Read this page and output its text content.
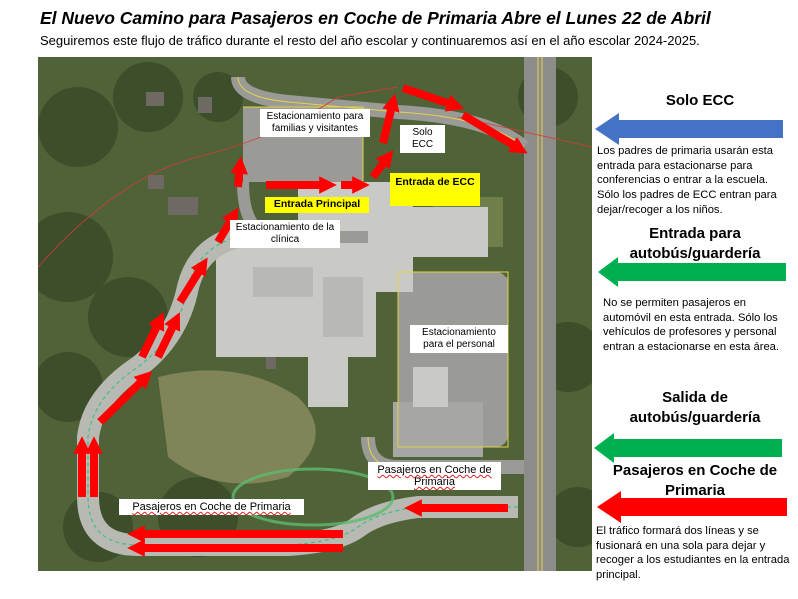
El Nuevo Camino para Pasajeros en Coche de Primaria Abre el Lunes 22 de Abril
Seguiremos este flujo de tráfico durante el resto del año escolar y continuaremos así en el año escolar 2024-2025.
Estacionamiento para familias y visitantes	Solo ECC
Entrada de ECC
Entrada Principal
Estacionamiento de la clínica
Estacionamiento para el personal
Pasajeros en Coche de Primaria
Pasajeros en Coche de Primaria
Solo ECC
Los padres de primaria usarán esta entrada para estacionarse para conferencias o entrar a la escuela. Sólo los padres de ECC entran para dejar/recoger a los niños.
Entrada para autobús/guardería
No se permiten pasajeros en automóvil en esta entrada. Sólo los vehículos de profesores y personal entran a estacionarse en esta área.
Salida de autobús/guardería
Pasajeros en Coche de Primaria
El tráfico formará dos líneas y se fusionará en una sola para dejar y recoger a los estudiantes en la entrada principal.
